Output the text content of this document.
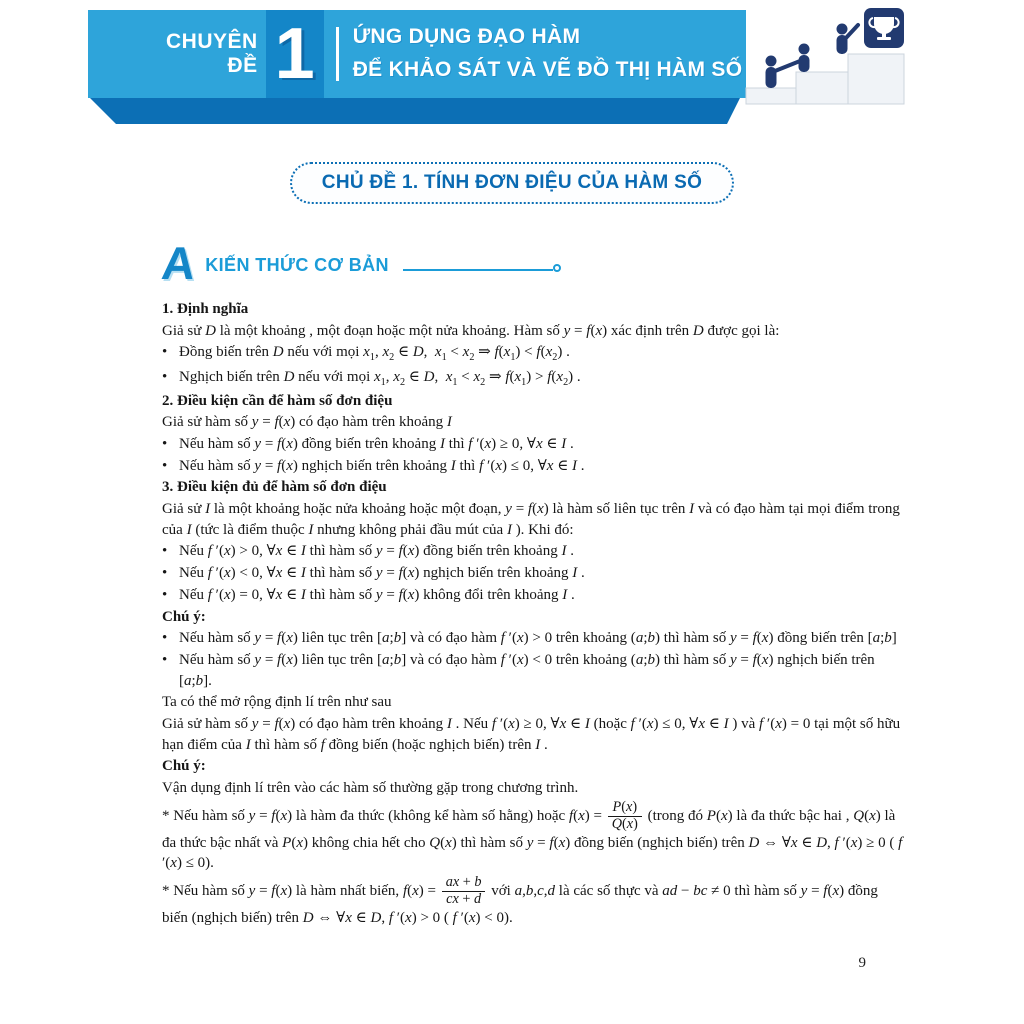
CHUYÊN
ĐỀ 1 ỨNG DỤNG ĐẠO HÀM
ĐỂ KHẢO SÁT VÀ VẼ ĐỒ THỊ HÀM SỐ
CHỦ ĐỀ 1. TÍNH ĐƠN ĐIỆU CỦA HÀM SỐ
A KIẾN THỨC CƠ BẢN
1. Định nghĩa
Giả sử D là một khoảng , một đoạn hoặc một nửa khoảng. Hàm số y = f(x) xác định trên D được gọi là:
• Đồng biến trên D nếu với mọi $x_1$, $x_2$ ∈ D,  $x_1 < x_2$ ⇒ $f(x_1) < f(x_2)$ .
• Nghịch biến trên D nếu với mọi $x_1$, $x_2$ ∈ D,  $x_1 < x_2$ ⇒ $f(x_1) > f(x_2)$ .
2. Điều kiện cần để hàm số đơn điệu
Giả sử hàm số y = f(x) có đạo hàm trên khoảng I
• Nếu hàm số y = f(x) đồng biến trên khoảng I thì f ′(x) ≥ 0, ∀x ∈ I .
• Nếu hàm số y = f(x) nghịch biến trên khoảng I thì f ′(x) ≤ 0, ∀x ∈ I .
3. Điều kiện đủ để hàm số đơn điệu
Giả sử I là một khoảng hoặc nửa khoảng hoặc một đoạn, y = f(x) là hàm số liên tục trên I và có đạo hàm tại mọi điểm trong của I (tức là điểm thuộc I nhưng không phải đầu mút của I ). Khi đó:
• Nếu f ′(x) > 0, ∀x ∈ I thì hàm số y = f(x) đồng biến trên khoảng I .
• Nếu f ′(x) < 0, ∀x ∈ I thì hàm số y = f(x) nghịch biến trên khoảng I .
• Nếu f ′(x) = 0, ∀x ∈ I thì hàm số y = f(x) không đổi trên khoảng I .
Chú ý:
• Nếu hàm số y = f(x) liên tục trên [a;b] và có đạo hàm f ′(x) > 0 trên khoảng (a;b) thì hàm số y = f(x) đồng biến trên [a;b]
• Nếu hàm số y = f(x) liên tục trên [a;b] và có đạo hàm f ′(x) < 0 trên khoảng (a;b) thì hàm số y = f(x) nghịch biến trên [a;b].
Ta có thể mở rộng định lí trên như sau
Giả sử hàm số y = f(x) có đạo hàm trên khoảng I . Nếu f ′(x) ≥ 0, ∀x ∈ I (hoặc f ′(x) ≤ 0, ∀x ∈ I ) và f ′(x) = 0 tại một số hữu hạn điểm của I thì hàm số f đồng biến (hoặc nghịch biến) trên I .
Chú ý:
Vận dụng định lí trên vào các hàm số thường gặp trong chương trình.
* Nếu hàm số y = f(x) là hàm đa thức (không kể hàm số hằng) hoặc $f(x) = \frac{P(x)}{Q(x)}$ (trong đó P(x) là đa thức bậc hai , Q(x) là đa thức bậc nhất và P(x) không chia hết cho Q(x) thì hàm số y = f(x) đồng biến (nghịch biến) trên D ⇔ ∀x ∈ D, f ′(x) ≥ 0 ( f ′(x) ≤ 0).
* Nếu hàm số y = f(x) là hàm nhất biến, $f(x) = \frac{ax + b}{cx + d}$ với a,b,c,d là các số thực và ad − bc ≠ 0 thì hàm số y = f(x) đồng biến (nghịch biến) trên D ⇔ ∀x ∈ D, f ′(x) > 0 ( f ′(x) < 0).
9
